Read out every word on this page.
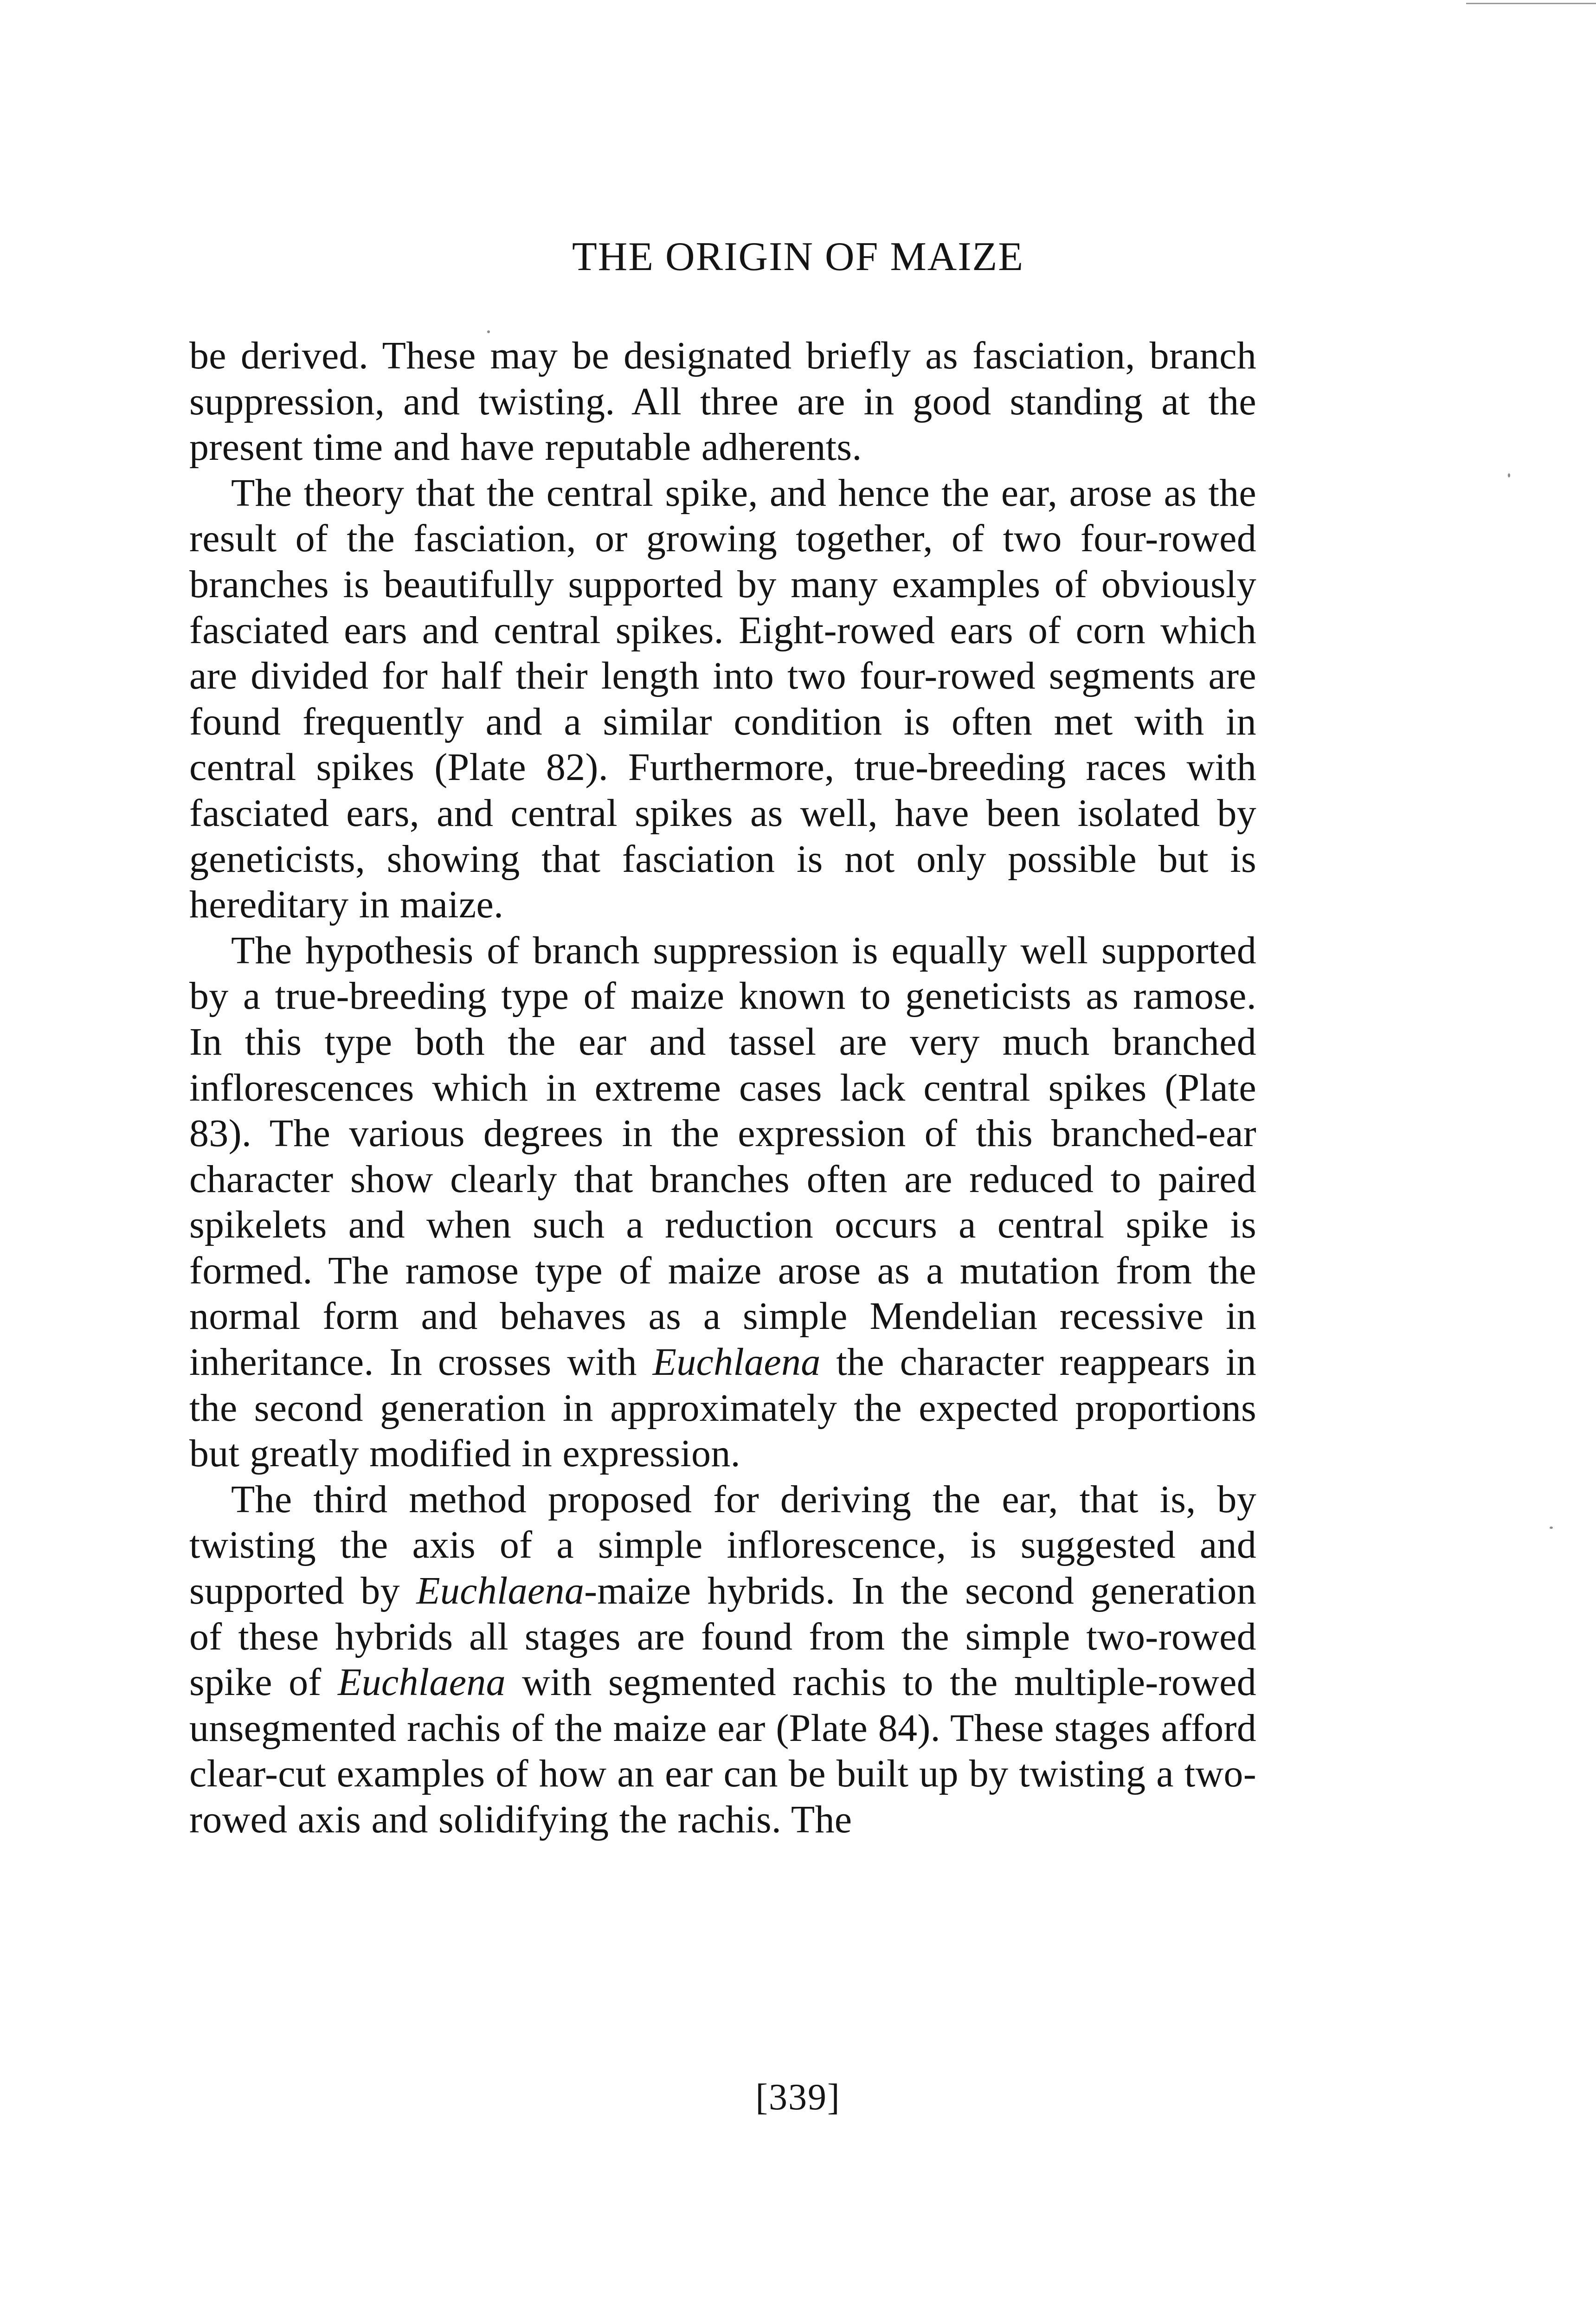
THE ORIGIN OF MAIZE

be derived. These may be designated briefly as fasciation, branch suppression, and twisting. All three are in good standing at the present time and have reputable adherents.

The theory that the central spike, and hence the ear, arose as the result of the fasciation, or growing together, of two four-rowed branches is beautifully supported by many examples of obviously fasciated ears and central spikes. Eight-rowed ears of corn which are divided for half their length into two four-rowed segments are found frequently and a similar condition is often met with in central spikes (Plate 82). Furthermore, true-breeding races with fasciated ears, and central spikes as well, have been isolated by geneticists, showing that fasciation is not only possible but is hereditary in maize.

The hypothesis of branch suppression is equally well supported by a true-breeding type of maize known to geneticists as ramose. In this type both the ear and tassel are very much branched inflorescences which in extreme cases lack central spikes (Plate 83). The various degrees in the expression of this branched-ear character show clearly that branches often are reduced to paired spikelets and when such a reduction occurs a central spike is formed. The ramose type of maize arose as a mutation from the normal form and behaves as a simple Mendelian recessive in inheritance. In crosses with Euchlaena the character reappears in the second generation in approximately the expected proportions but greatly modified in expression.

The third method proposed for deriving the ear, that is, by twisting the axis of a simple inflorescence, is suggested and supported by Euchlaena-maize hybrids. In the second generation of these hybrids all stages are found from the simple two-rowed spike of Euchlaena with segmented rachis to the multiple-rowed unsegmented rachis of the maize ear (Plate 84). These stages afford clear-cut examples of how an ear can be built up by twisting a two-rowed axis and solidifying the rachis. The

[339]
